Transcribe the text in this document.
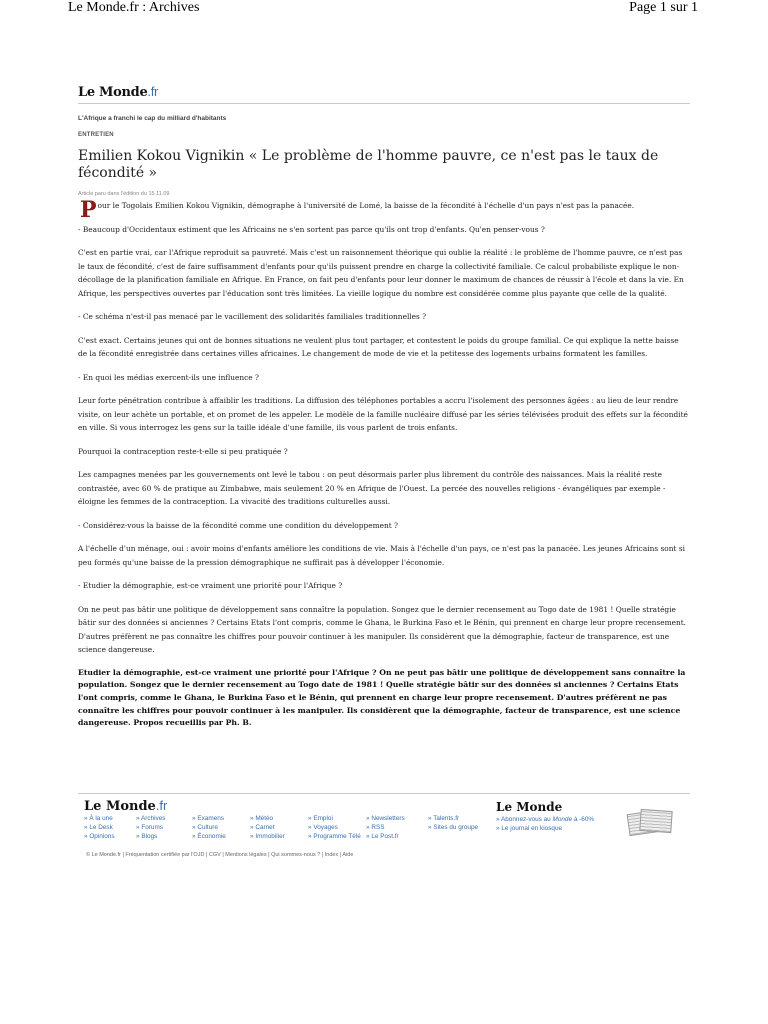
Le Monde.fr : Archives	Page 1 sur 1
Le Monde.fr
L'Afrique a franchi le cap du milliard d'habitants
ENTRETIEN
Emilien Kokou Vignikin « Le problème de l'homme pauvre, ce n'est pas le taux de fécondité »
Article paru dans l'édition du 15.11.09

Pour le Togolais Emilien Kokou Vignikin, démographe à l'université de Lomé, la baisse de la fécondité à l'échelle d'un pays n'est pas la panacée.

- Beaucoup d'Occidentaux estiment que les Africains ne s'en sortent pas parce qu'ils ont trop d'enfants. Qu'en penser-vous ?

C'est en partie vrai, car l'Afrique reproduit sa pauvreté. Mais c'est un raisonnement théorique qui oublie la réalité : le problème de l'homme pauvre, ce n'est pas le taux de fécondité, c'est de faire suffisamment d'enfants pour qu'ils puissent prendre en charge la collectivité familiale. Ce calcul probabiliste explique le non-décollage de la planification familiale en Afrique. En France, on fait peu d'enfants pour leur donner le maximum de chances de réussir à l'école et dans la vie. En Afrique, les perspectives ouvertes par l'éducation sont très limitées. La vieille logique du nombre est considérée comme plus payante que celle de la qualité.

- Ce schéma n'est-il pas menacé par le vacillement des solidarités familiales traditionnelles ?

C'est exact. Certains jeunes qui ont de bonnes situations ne veulent plus tout partager, et contestent le poids du groupe familial. Ce qui explique la nette baisse de la fécondité enregistrée dans certaines villes africaines. Le changement de mode de vie et la petitesse des logements urbains formatent les familles.

- En quoi les médias exercent-ils une influence ?

Leur forte pénétration contribue à affaiblir les traditions. La diffusion des téléphones portables a accru l'isolement des personnes âgées : au lieu de leur rendre visite, on leur achète un portable, et on promet de les appeler. Le modèle de la famille nucléaire diffusé par les séries télévisées produit des effets sur la fécondité en ville. Si vous interrogez les gens sur la taille idéale d'une famille, ils vous parlent de trois enfants.

Pourquoi la contraception reste-t-elle si peu pratiquée ?

Les campagnes menées par les gouvernements ont levé le tabou : on peut désormais parler plus librement du contrôle des naissances. Mais la réalité reste contrastée, avec 60 % de pratique au Zimbabwe, mais seulement 20 % en Afrique de l'Ouest. La percée des nouvelles religions - évangéliques par exemple - éloigne les femmes de la contraception. La vivacité des traditions culturelles aussi.

- Considérez-vous la baisse de la fécondité comme une condition du développement ?

A l'échelle d'un ménage, oui : avoir moins d'enfants améliore les conditions de vie. Mais à l'échelle d'un pays, ce n'est pas la panacée. Les jeunes Africains sont si peu formés qu'une baisse de la pression démographique ne suffirait pas à développer l'économie.

- Etudier la démographie, est-ce vraiment une priorité pour l'Afrique ?

On ne peut pas bâtir une politique de développement sans connaître la population. Songez que le dernier recensement au Togo date de 1981 ! Quelle stratégie bâtir sur des données si anciennes ? Certains Etats l'ont compris, comme le Ghana, le Burkina Faso et le Bénin, qui prennent en charge leur propre recensement. D'autres préfèrent ne pas connaître les chiffres pour pouvoir continuer à les manipuler. Ils considèrent que la démographie, facteur de transparence, est une science dangereuse.

Etudier la démographie, est-ce vraiment une priorité pour l'Afrique ? On ne peut pas bâtir une politique de développement sans connaître la population. Songez que le dernier recensement au Togo date de 1981 ! Quelle stratégie bâtir sur des données si anciennes ? Certains Etats l'ont compris, comme le Ghana, le Burkina Faso et le Bénin, qui prennent en charge leur propre recensement. D'autres préfèrent ne pas connaître les chiffres pour pouvoir continuer à les manipuler. Ils considèrent que la démographie, facteur de transparence, est une science dangereuse. Propos recueillis par Ph. B.

Le Monde.fr
» À la une
» Le Desk
» Opinions
» Archives
» Forums
» Blogs
» Examens
» Culture
» Économie
» Météo
» Carnet
» Immobilier
» Emploi
» Voyages
» Programme Télé
» Newsletters
» RSS
» Le Post.fr
» Talents.fr
» Sites du groupe
Le Monde
» Abonnez-vous au Monde à -60%
» Le journal en kiosque
© Le Monde.fr | Fréquentation certifiée par l'OJD | CGV | Mentions légales | Qui sommes-nous ? | Index | Aide
